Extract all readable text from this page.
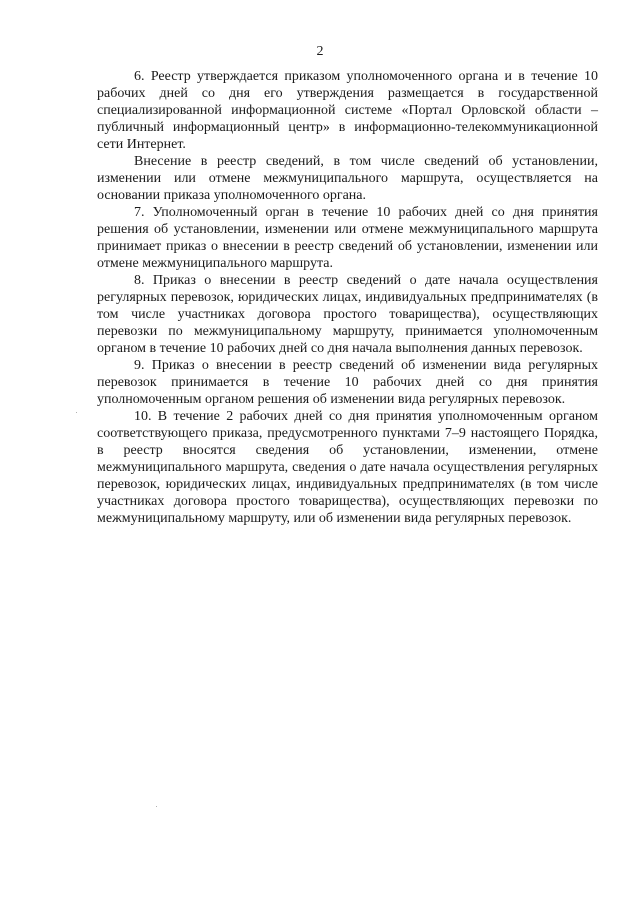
2

6. Реестр утверждается приказом уполномоченного органа и в течение 10 рабочих дней со дня его утверждения размещается в государственной специализированной информационной системе «Портал Орловской области – публичный информационный центр» в информационно-телекоммуникационной сети Интернет.

Внесение в реестр сведений, в том числе сведений об установлении, изменении или отмене межмуниципального маршрута, осуществляется на основании приказа уполномоченного органа.

7. Уполномоченный орган в течение 10 рабочих дней со дня принятия решения об установлении, изменении или отмене межмуниципального маршрута принимает приказ о внесении в реестр сведений об установлении, изменении или отмене межмуниципального маршрута.

8. Приказ о внесении в реестр сведений о дате начала осуществления регулярных перевозок, юридических лицах, индивидуальных предпринимателях (в том числе участниках договора простого товарищества), осуществляющих перевозки по межмуниципальному маршруту, принимается уполномоченным органом в течение 10 рабочих дней со дня начала выполнения данных перевозок.

9. Приказ о внесении в реестр сведений об изменении вида регулярных перевозок принимается в течение 10 рабочих дней со дня принятия уполномоченным органом решения об изменении вида регулярных перевозок.

10. В течение 2 рабочих дней со дня принятия уполномоченным органом соответствующего приказа, предусмотренного пунктами 7–9 настоящего Порядка, в реестр вносятся сведения об установлении, изменении, отмене межмуниципального маршрута, сведения о дате начала осуществления регулярных перевозок, юридических лицах, индивидуальных предпринимателях (в том числе участниках договора простого товарищества), осуществляющих перевозки по межмуниципальному маршруту, или об изменении вида регулярных перевозок.
